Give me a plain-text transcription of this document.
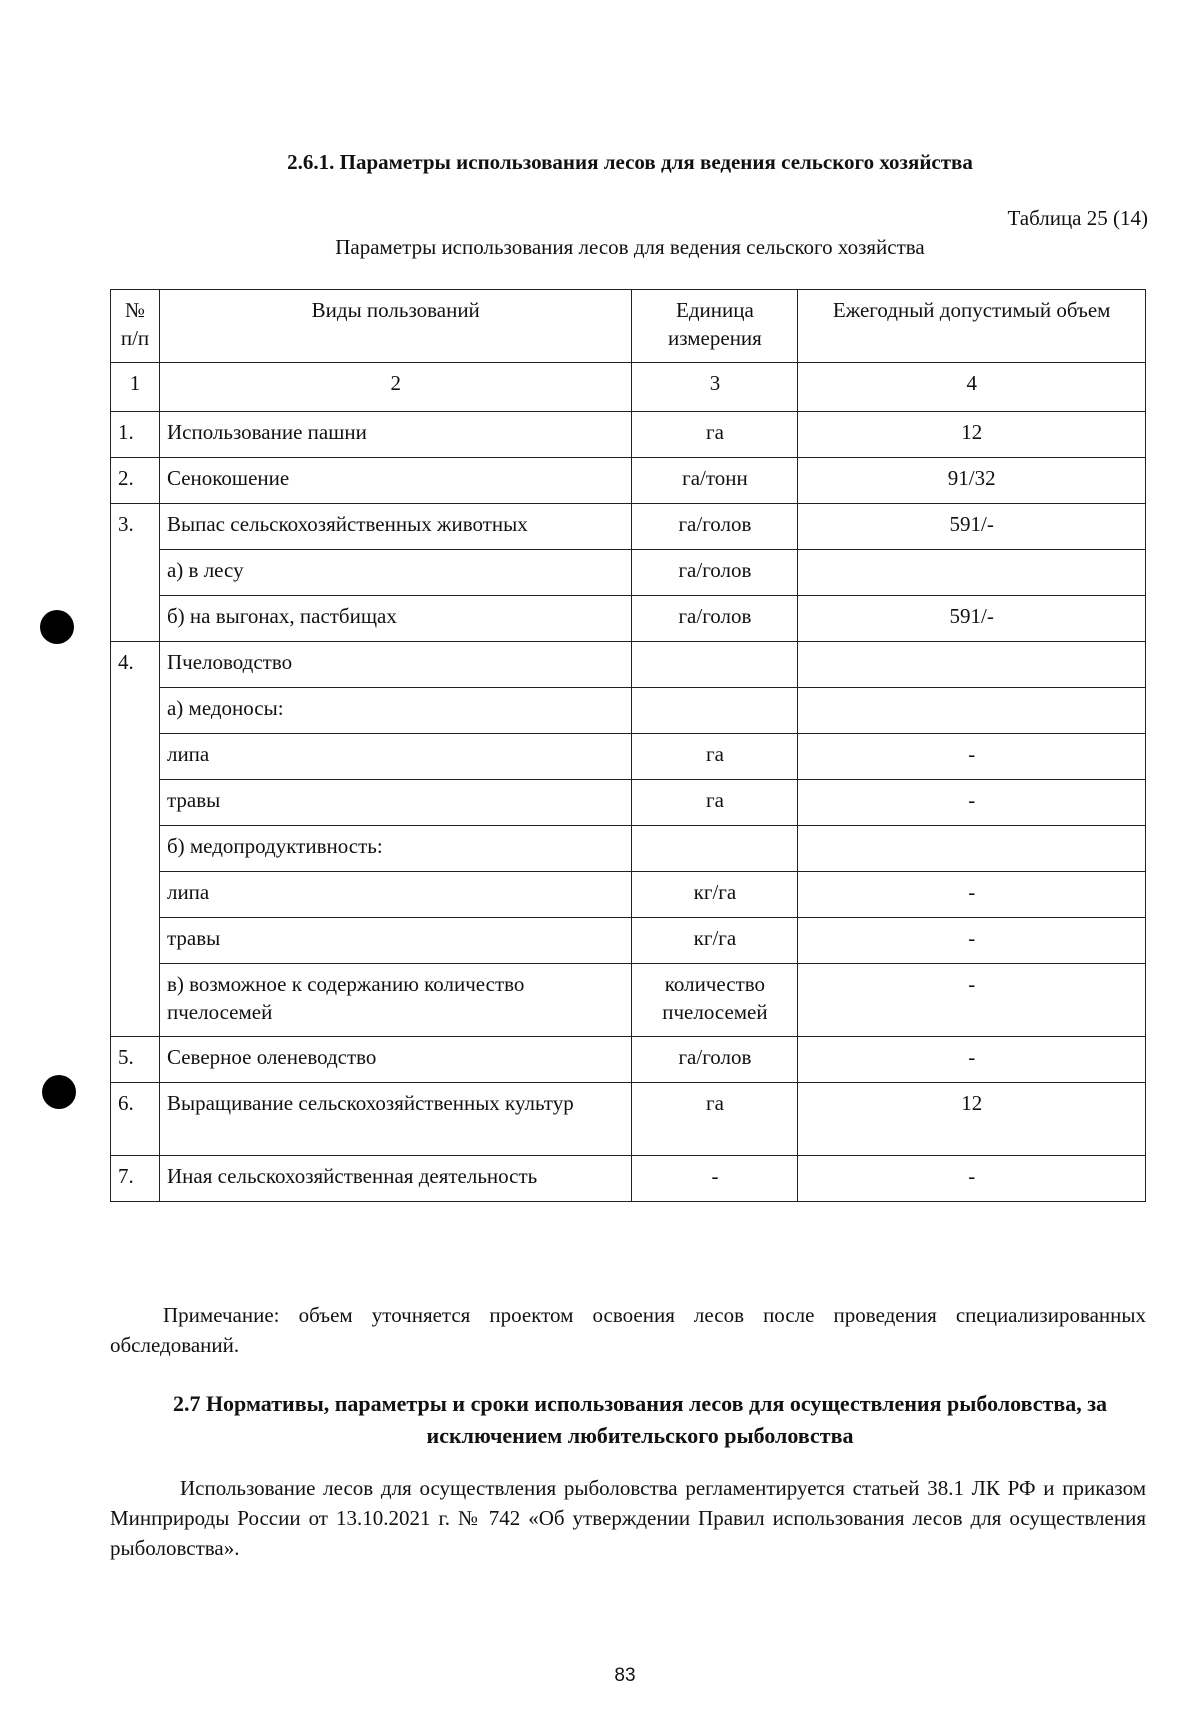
2.6.1. Параметры использования лесов для ведения сельского хозяйства
Таблица 25 (14)
Параметры использования лесов для ведения сельского хозяйства
№ п/п	Виды пользований	Единица измерения	Ежегодный допустимый объем
1	2	3	4
1.	Использование пашни	га	12
2.	Сенокошение	га/тонн	91/32
3.	Выпас сельскохозяйственных животных	га/голов	591/-
	а) в лесу	га/голов	
	б) на выгонах, пастбищах	га/голов	591/-
4.	Пчеловодство		
	а) медоносы:		
	липа	га	-
	травы	га	-
	б) медопродуктивность:		
	липа	кг/га	-
	травы	кг/га	-
	в) возможное к содержанию количество пчелосемей	количество пчелосемей	-
5.	Северное оленеводство	га/голов	-
6.	Выращивание сельскохозяйственных культур	га	12
7.	Иная сельскохозяйственная деятельность	-	-
Примечание: объем уточняется проектом освоения лесов после проведения специализированных обследований.
2.7 Нормативы, параметры и сроки использования лесов для осуществления рыболовства, за исключением любительского рыболовства
Использование лесов для осуществления рыболовства регламентируется статьей 38.1 ЛК РФ и приказом Минприроды России от 13.10.2021 г. № 742 «Об утверждении Правил использования лесов для осуществления рыболовства».
83
